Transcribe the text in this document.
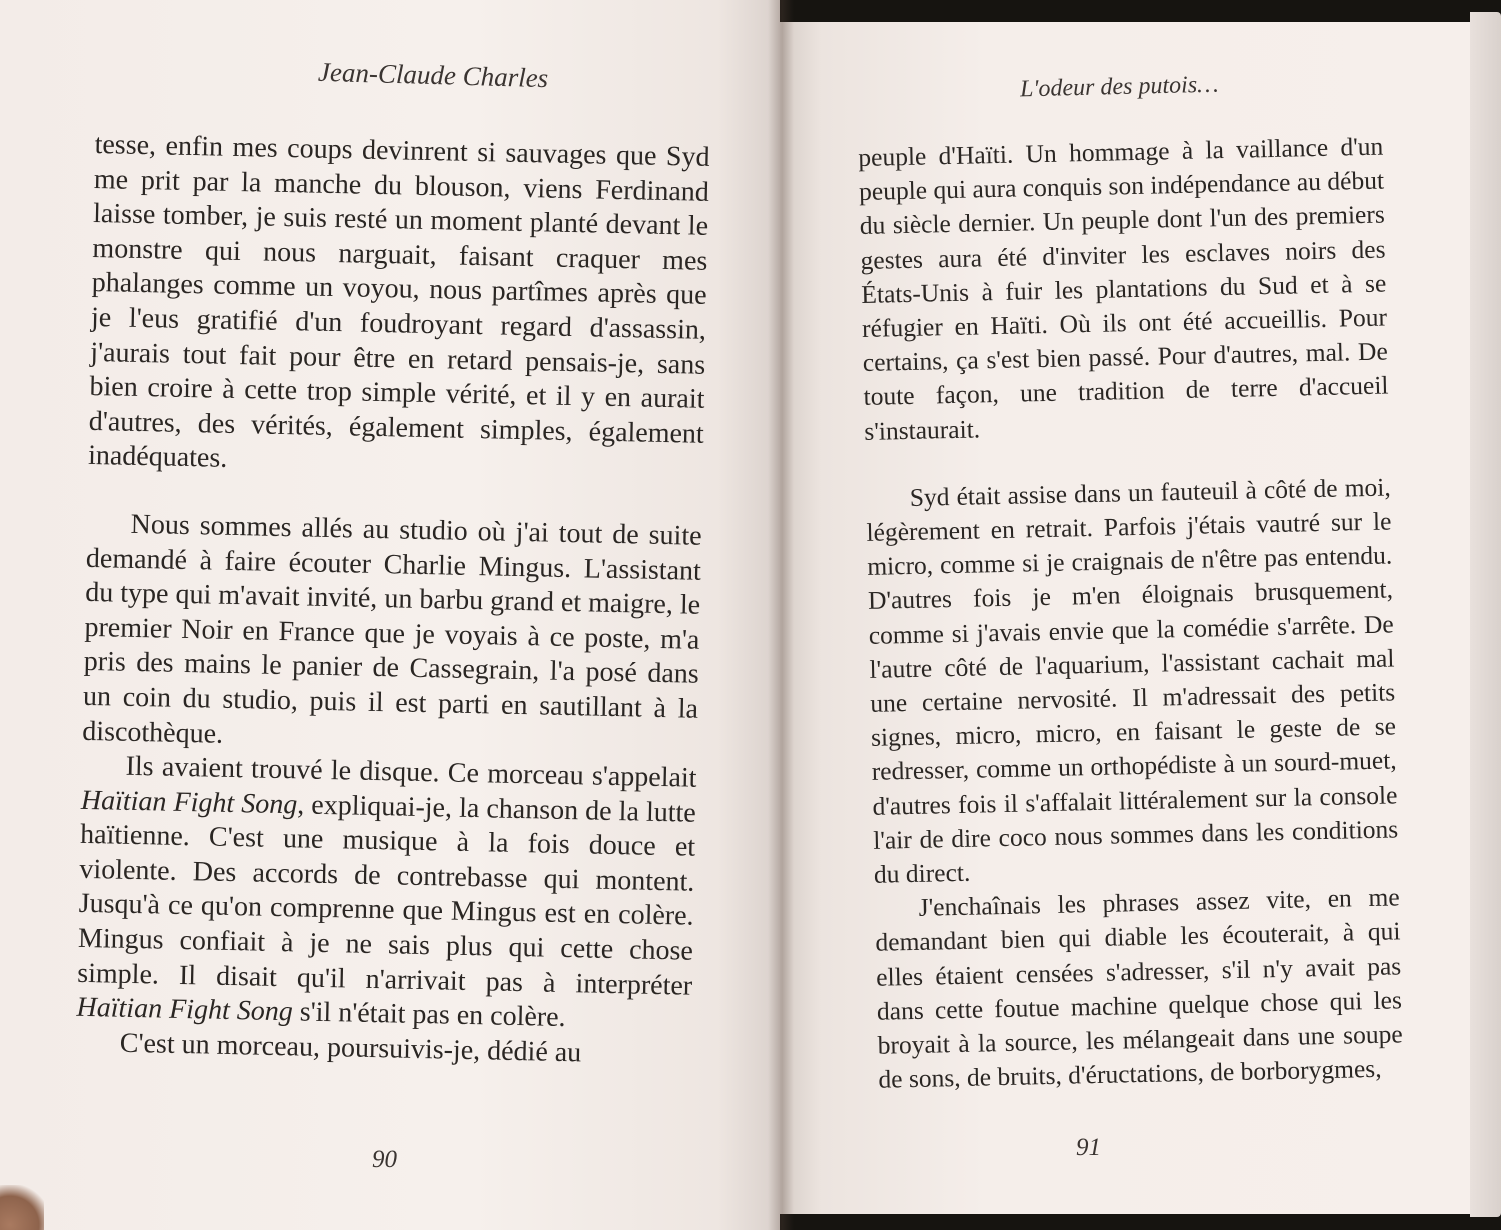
Jean-Claude Charles

tesse, enfin mes coups devinrent si sauvages que Syd me prit par la manche du blouson, viens Ferdinand laisse tomber, je suis resté un moment planté devant le monstre qui nous narguait, faisant craquer mes phalanges comme un voyou, nous partîmes après que je l'eus gratifié d'un foudroyant regard d'assassin, j'aurais tout fait pour être en retard pensais-je, sans bien croire à cette trop simple vérité, et il y en aurait d'autres, des vérités, également simples, également inadéquates.

Nous sommes allés au studio où j'ai tout de suite demandé à faire écouter Charlie Mingus. L'assistant du type qui m'avait invité, un barbu grand et maigre, le premier Noir en France que je voyais à ce poste, m'a pris des mains le panier de Cassegrain, l'a posé dans un coin du studio, puis il est parti en sautillant à la discothèque.

Ils avaient trouvé le disque. Ce morceau s'appelait Haïtian Fight Song, expliquai-je, la chanson de la lutte haïtienne. C'est une musique à la fois douce et violente. Des accords de contrebasse qui montent. Jusqu'à ce qu'on comprenne que Mingus est en colère. Mingus confiait à je ne sais plus qui cette chose simple. Il disait qu'il n'arrivait pas à interpréter Haïtian Fight Song s'il n'était pas en colère.

C'est un morceau, poursuivis-je, dédié au

90
L'odeur des putois…
91

peuple d'Haïti. Un hommage à la vaillance d'un peuple qui aura conquis son indépendance au début du siècle dernier. Un peuple dont l'un des premiers gestes aura été d'inviter les esclaves noirs des États-Unis à fuir les plantations du Sud et à se réfugier en Haïti. Où ils ont été accueillis. Pour certains, ça s'est bien passé. Pour d'autres, mal. De toute façon, une tradition de terre d'accueil s'instaurait.

Syd était assise dans un fauteuil à côté de moi, légèrement en retrait. Parfois j'étais vautré sur le micro, comme si je craignais de n'être pas entendu. D'autres fois je m'en éloignais brusquement, comme si j'avais envie que la comédie s'arrête. De l'autre côté de l'aquarium, l'assistant cachait mal une certaine nervosité. Il m'adressait des petits signes, micro, micro, en faisant le geste de se redresser, comme un orthopédiste à un sourd-muet, d'autres fois il s'affalait littéralement sur la console l'air de dire coco nous sommes dans les conditions du direct.

J'enchaînais les phrases assez vite, en me demandant bien qui diable les écouterait, à qui elles étaient censées s'adresser, s'il n'y avait pas dans cette foutue machine quelque chose qui les broyait à la source, les mélangeait dans une soupe de sons, de bruits, d'éructations, de borborygmes,
